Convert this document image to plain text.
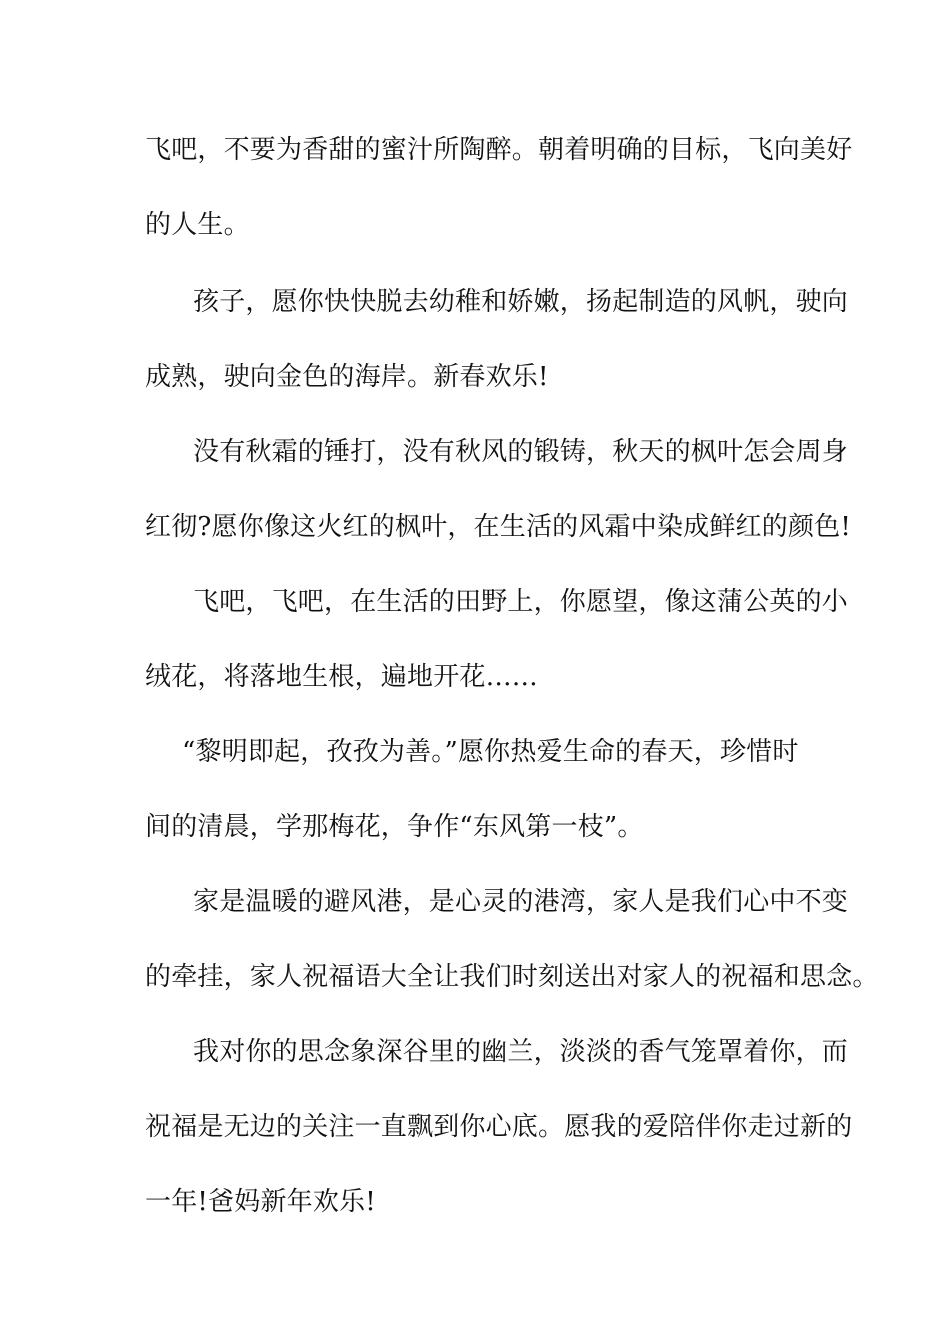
飞吧，不要为香甜的蜜汁所陶醉。朝着明确的目标，飞向美好
的人生。
孩子，愿你快快脱去幼稚和娇嫩，扬起制造的风帆，驶向
成熟，驶向金色的海岸。新春欢乐!
没有秋霜的锤打，没有秋风的锻铸，秋天的枫叶怎会周身
红彻?愿你像这火红的枫叶，在生活的风霜中染成鲜红的颜色!
飞吧，飞吧，在生活的田野上，你愿望，像这蒲公英的小
绒花，将落地生根，遍地开花……
“黎明即起，孜孜为善。”愿你热爱生命的春天，珍惜时
间的清晨，学那梅花，争作“东风第一枝”。
家是温暖的避风港，是心灵的港湾，家人是我们心中不变
的牵挂，家人祝福语大全让我们时刻送出对家人的祝福和思念。
我对你的思念象深谷里的幽兰，淡淡的香气笼罩着你，而
祝福是无边的关注一直飘到你心底。愿我的爱陪伴你走过新的
一年!爸妈新年欢乐!
